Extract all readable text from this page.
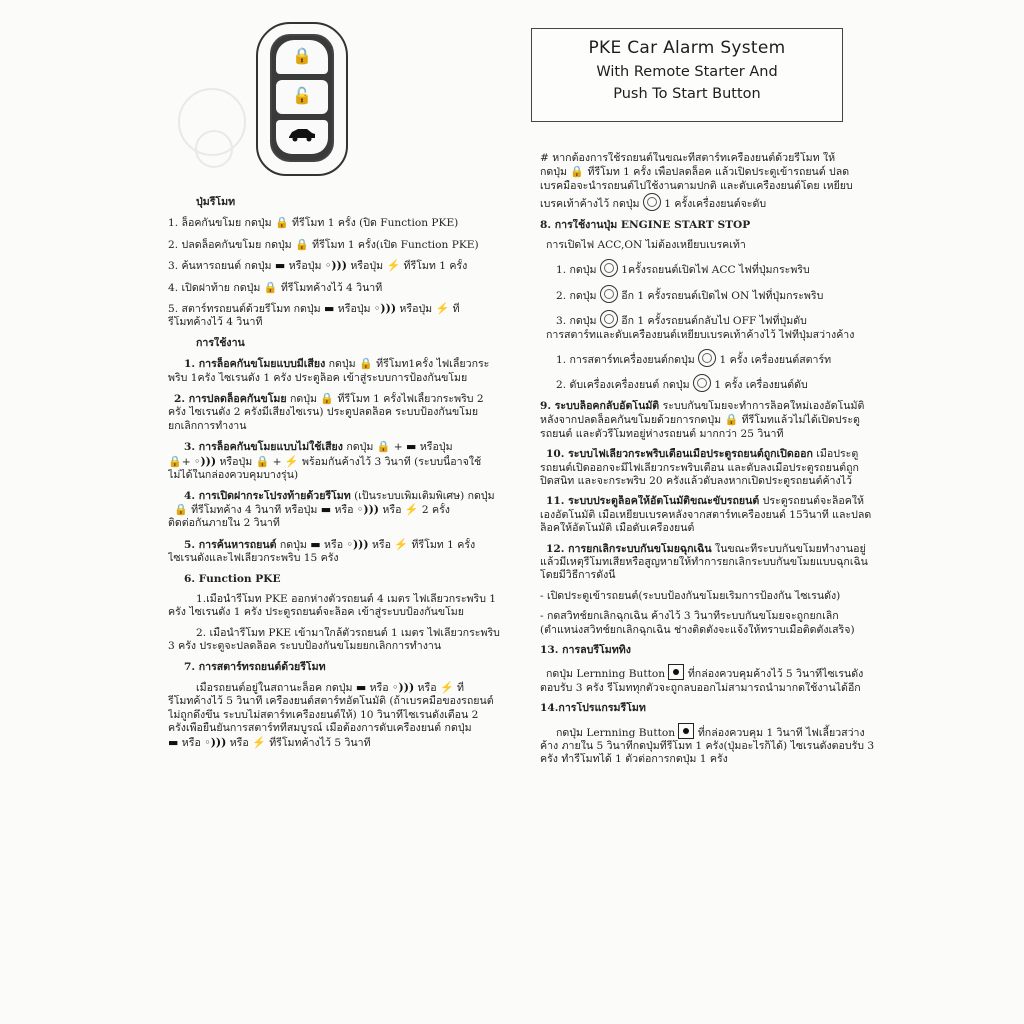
🔒
🔓
PKE Car Alarm System
With Remote Starter And
Push To Start Button
ปุ่มรีโมท
1. ล็อคกันขโมย กดปุ่ม 🔒 ที่รีโมท 1 ครั้ง (ปิด Function PKE)
2. ปลดล็อคกันขโมย กดปุ่ม 🔒 ที่รีโมท 1 ครั้ง(เปิด Function PKE)
3. ค้นหารถยนต์ กดปุ่ม ▬ หรือปุ่ม ◦))) หรือปุ่ม ⚡ ที่รีโมท 1 ครั้ง
4. เปิดฝาท้าย กดปุ่ม 🔒 ที่รีโมทค้างไว้ 4 วินาที
5. สตาร์ทรถยนต์ด้วยรีโมท กดปุ่ม ▬ หรือปุ่ม ◦))) หรือปุ่ม ⚡ ที่
รีโมทค้างไว้ 4 วินาที
การใช้งาน
1. การล็อคกันขโมยแบบมีเสียง กดปุ่ม 🔒 ที่รีโมท1ครั้ง ไฟเลี้ยวกระ
พริบ 1ครั้ง ไซเรนดัง 1 ครั้ง ประตูล็อค เข้าสู่ระบบการป้องกันขโมย
2. การปลดล็อคกันขโมย กดปุ่ม 🔒 ที่รีโมท 1 ครั้งไฟเลี้ยวกระพริบ 2
ครั้ง ไซเรนดัง 2 ครั้งมีเสียงไซเรน) ประตูปลดล็อค ระบบป้องกันขโมย
ยกเลิกการทำงาน
3. การล็อคกันขโมยแบบไม่ใช้เสียง กดปุ่ม 🔒 + ▬ หรือปุ่ม
🔒+ ◦))) หรือปุ่ม 🔒 + ⚡ พร้อมกันค้างไว้ 3 วินาที (ระบบนี้อาจใช้
ไม่ได้ในกล่องควบคุมบางรุ่น)
4. การเปิดฝากระโปรงท้ายด้วยรีโมท (เป็นระบบเพิ่มเติมพิเศษ) กดปุ่ม
🔒 ที่รีโมทค้าง 4 วินาที หรือปุ่ม ▬ หรือ ◦))) หรือ ⚡ 2 ครั้ง
ติดต่อกันภายใน 2 วินาที
5. การค้นหารถยนต์ กดปุ่ม ▬ หรือ ◦))) หรือ ⚡ ที่รีโมท 1 ครั้ง
ไซเรนดังและไฟเลี้ยวกระพริบ 15 ครั้ง
6. Function PKE
1.เมื่อนำรีโมท PKE ออกห่างตัวรถยนต์ 4 เมตร ไฟเลี้ยวกระพริบ 1
ครั้ง ไซเรนดัง 1 ครั้ง ประตูรถยนต์จะล็อค เข้าสู่ระบบป้องกันขโมย
2. เมื่อนำรีโมท PKE เข้ามาใกล้ตัวรถยนต์ 1 เมตร ไฟเลี้ยวกระพริบ
3 ครั้ง ประตูจะปลดล็อค ระบบป้องกันขโมยยกเลิกการทำงาน
7. การสตาร์ทรถยนต์ด้วยรีโมท
เมื่อรถยนต์อยู่ในสถานะล็อค กดปุ่ม ▬ หรือ ◦))) หรือ ⚡ ที่
รีโมทค้างไว้ 5 วินาที เครื่องยนต์สตาร์ทอัตโนมัติ (ถ้าเบรคมือของรถยนต์
ไม่ถูกดึงขึ้น ระบบไม่สตาร์ทเครื่องยนต์ให้) 10 วินาทีไซเรนดังเตือน 2
ครั้งเพื่อยืนยันการสตาร์ทที่สมบูรณ์ เมื่อต้องการดับเครื่องยนต์ กดปุ่ม
▬ หรือ ◦))) หรือ ⚡ ที่รีโมทค้างไว้ 5 วินาที
# หากต้องการใช้รถยนต์ในขณะที่สตาร์ทเครื่องยนต์ด้วยรีโมท ให้
กดปุ่ม 🔒 ที่รีโมท 1 ครั้ง เพื่อปลดล็อค แล้วเปิดประตูเข้ารถยนต์ ปลด
เบรคมือจะนำรถยนต์ไปใช้งานตามปกติ และดับเครื่องยนต์โดย เหยียบ
เบรคเท้าค้างไว้ กดปุ่ม 1 ครั้งเครื่องยนต์จะดับ
8. การใช้งานปุ่ม ENGINE START STOP
การเปิดไฟ ACC,ON ไม่ต้องเหยียบเบรคเท้า
1. กดปุ่ม 1ครั้งรถยนต์เปิดไฟ ACC ไฟที่ปุ่มกระพริบ
2. กดปุ่ม อีก 1 ครั้งรถยนต์เปิดไฟ ON ไฟที่ปุ่มกระพริบ
3. กดปุ่ม อีก 1 ครั้งรถยนต์กลับไป OFF ไฟที่ปุ่มดับ
การสตาร์ทและดับเครื่องยนต์เหยียบเบรคเท้าค้างไว้ ไฟที่ปุ่มสว่างค้าง
1. การสตาร์ทเครื่องยนต์กดปุ่ม 1 ครั้ง เครื่องยนต์สตาร์ท
2. ดับเครื่องเครื่องยนต์ กดปุ่ม 1 ครั้ง เครื่องยนต์ดับ
9. ระบบล็อคกลับอัตโนมัติ ระบบกันขโมยจะทำการล็อคใหม่เองอัตโนมัติ
หลังจากปลดล็อคกันขโมยด้วยการกดปุ่ม 🔒 ที่รีโมทแล้วไม่ได้เปิดประตู
รถยนต์ และตัวรีโมทอยู่ห่างรถยนต์ มากกว่า 25 วินาที
10. ระบบไฟเลี้ยวกระพริบเตือนเมื่อประตูรถยนต์ถูกเปิดออก เมื่อประตู
รถยนต์เปิดออกจะมีไฟเลี้ยวกระพริบเตือน และดับลงเมื่อประตูรถยนต์ถูก
ปิดสนิท และจะกระพริบ 20 ครั้งแล้วดับลงหากเปิดประตูรถยนต์ค้างไว้
11. ระบบประตูล็อคให้อัตโนมัติขณะขับรถยนต์ ประตูรถยนต์จะล็อคให้
เองอัตโนมัติ เมื่อเหยียบเบรคหลังจากสตาร์ทเครื่องยนต์ 15วินาที และปลด
ล็อคให้อัตโนมัติ เมื่อดับเครื่องยนต์
12. การยกเลิกระบบกันขโมยฉุกเฉิน ในขณะที่ระบบกันขโมยทำงานอยู่
แล้วมีเหตุรีโมทเสียหรือสูญหายให้ทำการยกเลิกระบบกันขโมยแบบฉุกเฉิน
โดยมีวิธีการดังนี้
- เปิดประตูเข้ารถยนต์(ระบบป้องกันขโมยเริ่มการป้องกัน ไซเรนดัง)
- กดสวิทช์ยกเลิกฉุกเฉิน ค้างไว้ 3 วินาทีระบบกันขโมยจะถูกยกเลิก
(ตำแหน่งสวิทช์ยกเลิกฉุกเฉิน ช่างติดตั้งจะแจ้งให้ทราบเมื่อติดตั้งเสร็จ)
13. การลบรีโมททิ้ง
กดปุ่ม Lernning Button ที่กล่องควบคุมค้างไว้ 5 วินาทีไซเรนดัง
ตอบรับ 3 ครั้ง รีโมททุกตัวจะถูกลบออกไม่สามารถนำมากดใช้งานได้อีก
14.การโปรแกรมรีโมท
กดปุ่ม Lernning Button ที่กล่องควบคุม 1 วินาที ไฟเลี้ยวสว่าง
ค้าง ภายใน 5 วินาทีกดปุ่มที่รีโมท 1 ครั้ง(ปุ่มอะไรก็ได้) ไซเรนดังตอบรับ 3
ครั้ง ทำรีโมทได้ 1 ตัวต่อการกดปุ่ม 1 ครั้ง
